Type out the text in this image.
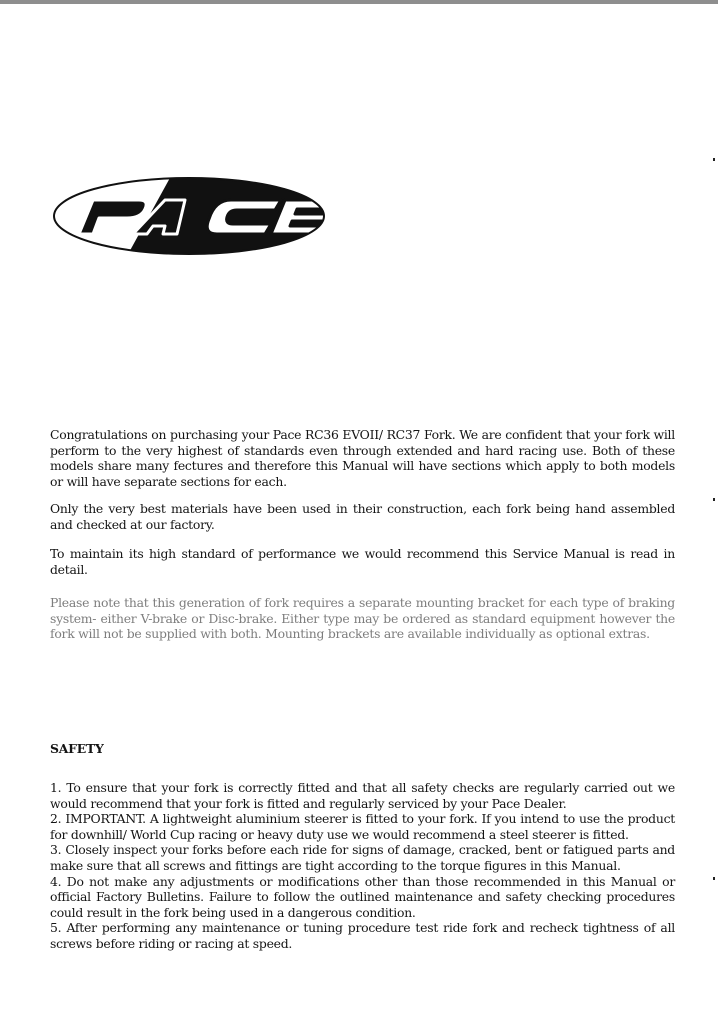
Congratulations on purchasing your Pace RC36 EVOII/ RC37 Fork. We are confident that your fork will perform to the very highest of standards even through extended and hard racing use. Both of these models share many fectures and therefore this Manual will have sections which apply to both models or will have separate sections for each.

Only the very best materials have been used in their construction, each fork being hand assembled and checked at our factory.

To maintain its high standard of performance we would recommend this Service Manual is read in detail.

Please note that this generation of fork requires a separate mounting bracket for each type of braking system- either V-brake or Disc-brake. Either type may be ordered as standard equipment however the fork will not be supplied with both. Mounting brackets are available individually as optional extras.

SAFETY
1. To ensure that your fork is correctly fitted and that all safety checks are regularly carried out we would recommend that your fork is fitted and regularly serviced by your Pace Dealer.
2. IMPORTANT. A lightweight aluminium steerer is fitted to your fork. If you intend to use the product for downhill/ World Cup racing or heavy duty use we would recommend a steel steerer is fitted.
3. Closely inspect your forks before each ride for signs of damage, cracked, bent or fatigued parts and make sure that all screws and fittings are tight according to the torque figures in this Manual.
4. Do not make any adjustments or modifications other than those recommended in this Manual or official Factory Bulletins. Failure to follow the outlined maintenance and safety checking procedures could result in the fork being used in a dangerous condition.
5. After performing any maintenance or tuning procedure test ride fork and recheck tightness of all screws before riding or racing at speed.
